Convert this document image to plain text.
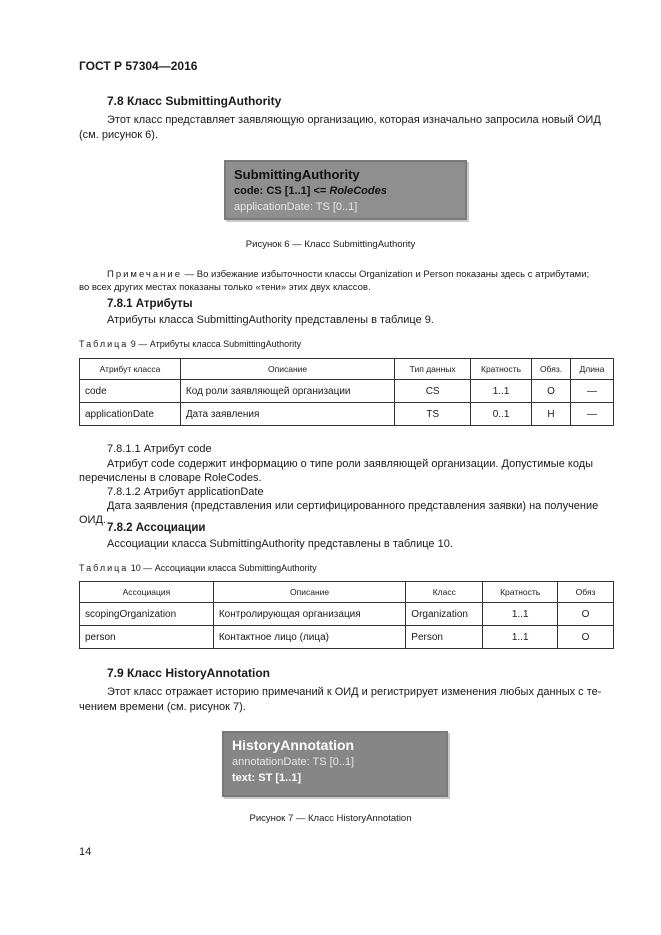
ГОСТ Р 57304—2016
7.8 Класс SubmittingAuthority
Этот класс представляет заявляющую организацию, которая изначально запросила новый ОИД
(см. рисунок 6).
SubmittingAuthority
code: CS [1..1] <= RoleCodes
applicationDate: TS [0..1]
Рисунок 6 — Класс SubmittingAuthority
Примечание — Во избежание избыточности классы Organization и Person показаны здесь с атрибутами;
во всех других местах показаны только «тени» этих двух классов.
7.8.1 Атрибуты
Атрибуты класса SubmittingAuthority представлены в таблице 9.
Таблица 9 — Атрибуты класса SubmittingAuthority
Атрибут класса	Описание	Тип данных	Кратность	Обяз.	Длина
code	Код роли заявляющей организации	CS	1..1	О	—
applicationDate	Дата заявления	TS	0..1	Н	—
7.8.1.1 Атрибут code
Атрибут code содержит информацию о типе роли заявляющей организации. Допустимые коды
перечислены в словаре RoleCodes.
7.8.1.2 Атрибут applicationDate
Дата заявления (представления или сертифицированного представления заявки) на получение
ОИД.
7.8.2 Ассоциации
Ассоциации класса SubmittingAuthority представлены в таблице 10.
Таблица 10 — Ассоциации класса SubmittingAuthority
Ассоциация	Описание	Класс	Кратность	Обяз
scopingOrganization	Контролирующая организация	Organization	1..1	О
person	Контактное лицо (лица)	Person	1..1	О
7.9 Класс HistoryAnnotation
Этот класс отражает историю примечаний к ОИД и регистрирует изменения любых данных с те-
чением времени (см. рисунок 7).
HistoryAnnotation
annotationDate: TS [0..1]
text: ST [1..1]
Рисунок 7 — Класс HistoryAnnotation
14
